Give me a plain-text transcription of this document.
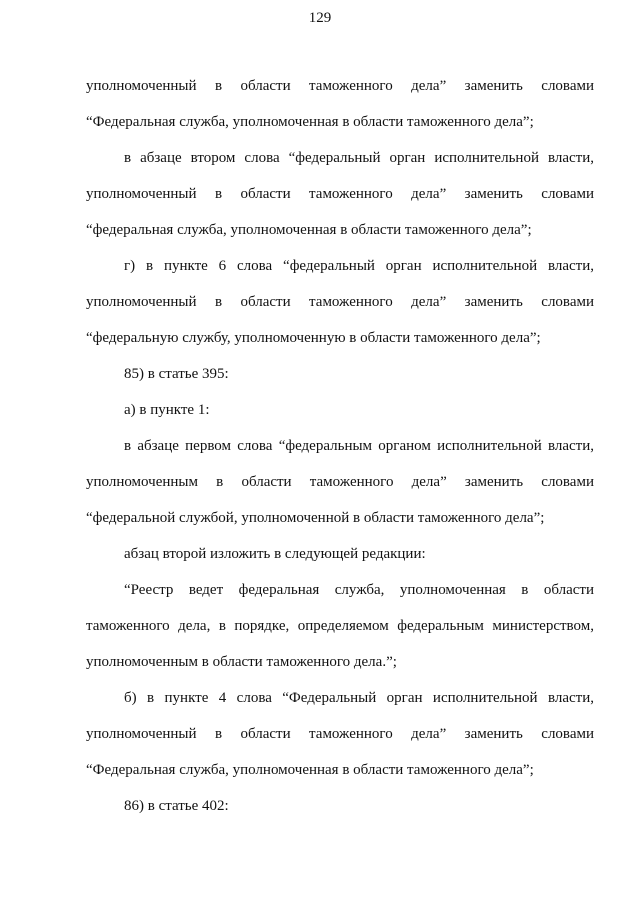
129

уполномоченный в области таможенного дела” заменить словами “Федеральная служба, уполномоченная в области таможенного дела”;

в абзаце втором слова “федеральный орган исполнительной власти, уполномоченный в области таможенного дела” заменить словами “федеральная служба, уполномоченная в области таможенного дела”;

г) в пункте 6 слова “федеральный орган исполнительной власти, уполномоченный в области таможенного дела” заменить словами “федеральную службу, уполномоченную в области таможенного дела”;

85) в статье 395:

а) в пункте 1:

в абзаце первом слова “федеральным органом исполнительной власти, уполномоченным в области таможенного дела” заменить словами “федеральной службой, уполномоченной в области таможенного дела”;

абзац второй изложить в следующей редакции:

“Реестр ведет федеральная служба, уполномоченная в области таможенного дела, в порядке, определяемом федеральным министерством, уполномоченным в области таможенного дела.”;

б) в пункте 4 слова “Федеральный орган исполнительной власти, уполномоченный в области таможенного дела” заменить словами “Федеральная служба, уполномоченная в области таможенного дела”;

86) в статье 402:
